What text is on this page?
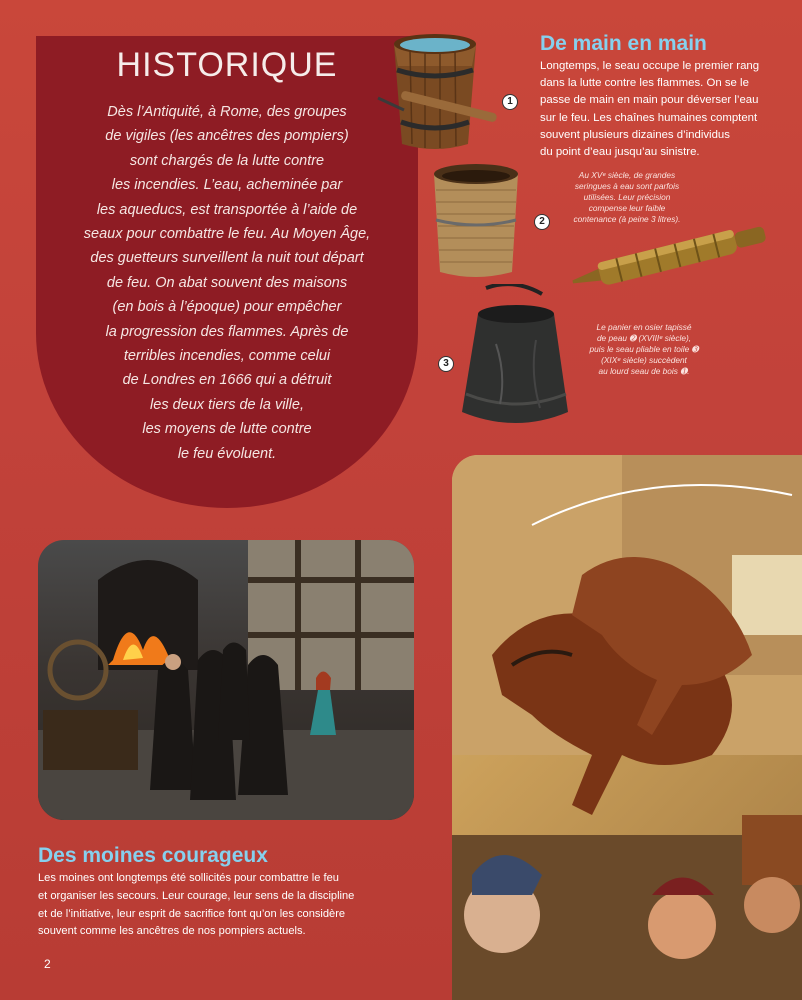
HISTORIQUE
Dès l’Antiquité, à Rome, des groupes
de vigiles (les ancêtres des pompiers)
sont chargés de la lutte contre
les incendies. L’eau, acheminée par
les aqueducs, est transportée à l’aide de
seaux pour combattre le feu. Au Moyen Âge,
des guetteurs surveillent la nuit tout départ
de feu. On abat souvent des maisons
(en bois à l’époque) pour empêcher
la progression des flammes. Après de
terribles incendies, comme celui
de Londres en 1666 qui a détruit
les deux tiers de la ville,
les moyens de lutte contre
le feu évoluent.
1
2
3
De main en main
Longtemps, le seau occupe le premier rang
dans la lutte contre les flammes. On se le
passe de main en main pour déverser l’eau
sur le feu. Les chaînes humaines comptent
souvent plusieurs dizaines d’individus
du point d’eau jusqu’au sinistre.
Au XVᵉ siècle, de grandes
seringues à eau sont parfois
utilisées. Leur précision
compense leur faible
contenance (à peine 3 litres).
Le panier en osier tapissé
de peau ➋ (XVIIIᵉ siècle),
puis le seau pliable en toile ➌
(XIXᵉ siècle) succèdent
au lourd seau de bois ➊.
Des moines courageux
Les moines ont longtemps été sollicités pour combattre le feu
et organiser les secours. Leur courage, leur sens de la discipline
et de l’initiative, leur esprit de sacrifice font qu’on les considère
souvent comme les ancêtres de nos pompiers actuels.
2
